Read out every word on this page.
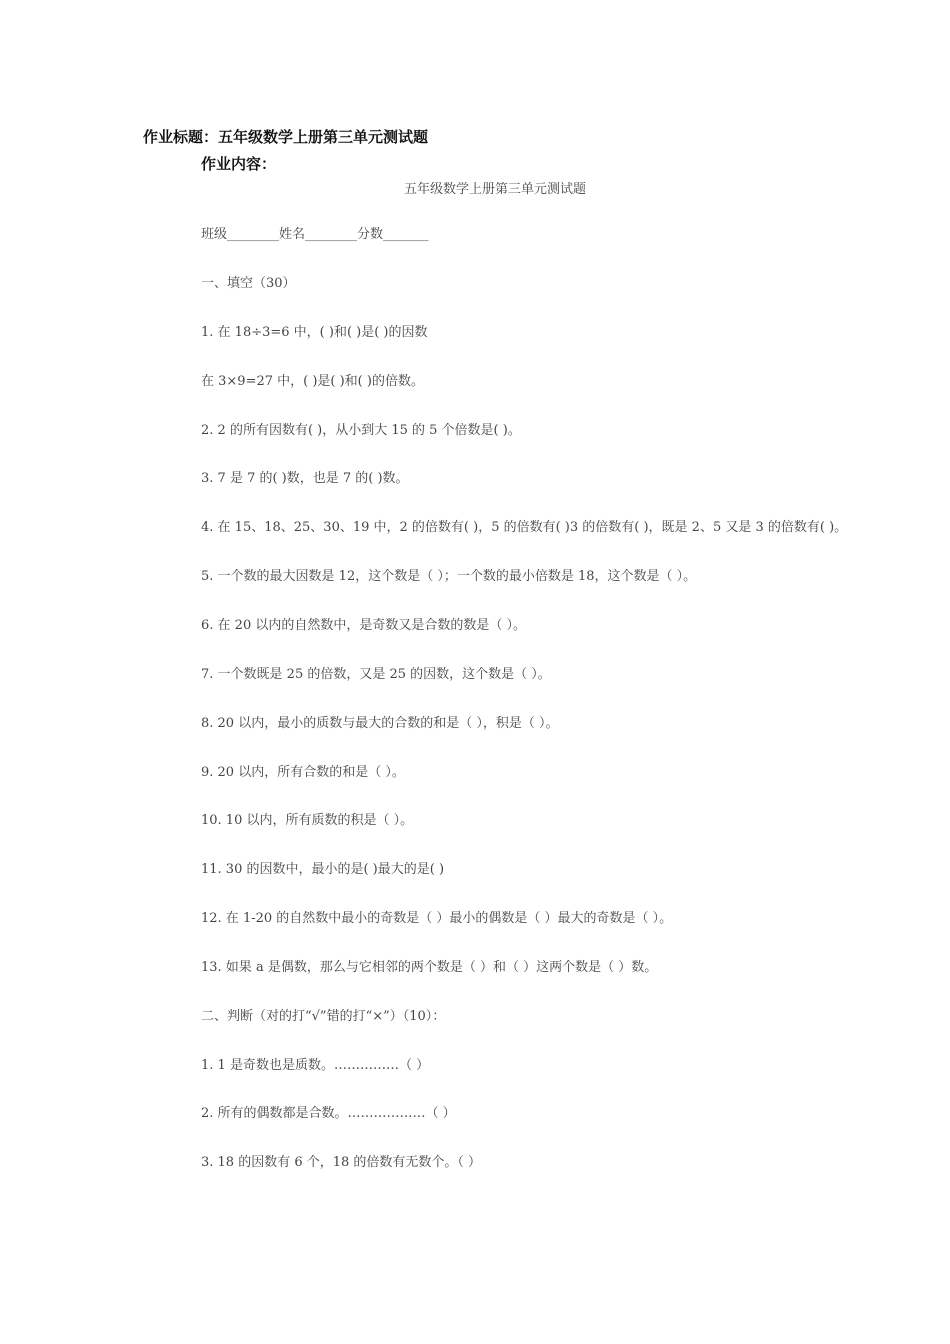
作业标题：五年级数学上册第三单元测试题
作业内容：
五年级数学上册第三单元测试题
班级________姓名________分数_______
一、填空（30）
1. 在 18÷3=6 中，( )和( )是( )的因数
在 3×9=27 中，( )是( )和( )的倍数。
2. 2 的所有因数有( )，从小到大 15 的 5 个倍数是( )。
3. 7 是 7 的( )数，也是 7 的( )数。
4. 在 15、18、25、30、19 中，2 的倍数有( )，5 的倍数有( )3 的倍数有( )，既是 2、5 又是 3 的倍数有( )。
5. 一个数的最大因数是 12，这个数是（ ）；一个数的最小倍数是 18，这个数是（ ）。
6. 在 20 以内的自然数中，是奇数又是合数的数是（ ）。
7. 一个数既是 25 的倍数，又是 25 的因数，这个数是（ ）。
8. 20 以内，最小的质数与最大的合数的和是（ ），积是（ ）。
9. 20 以内，所有合数的和是（ ）。
10. 10 以内，所有质数的积是（ ）。
11. 30 的因数中，最小的是( )最大的是( )
12. 在 1-20 的自然数中最小的奇数是（ ）最小的偶数是（ ）最大的奇数是（ ）。
13. 如果 a 是偶数，那么与它相邻的两个数是（ ）和（ ）这两个数是（ ）数。
二、判断（对的打“√”错的打“×”）（10）：
1. 1 是奇数也是质数。……………（ ）
2. 所有的偶数都是合数。………………（ ）
3. 18 的因数有 6 个，18 的倍数有无数个。（ ）
